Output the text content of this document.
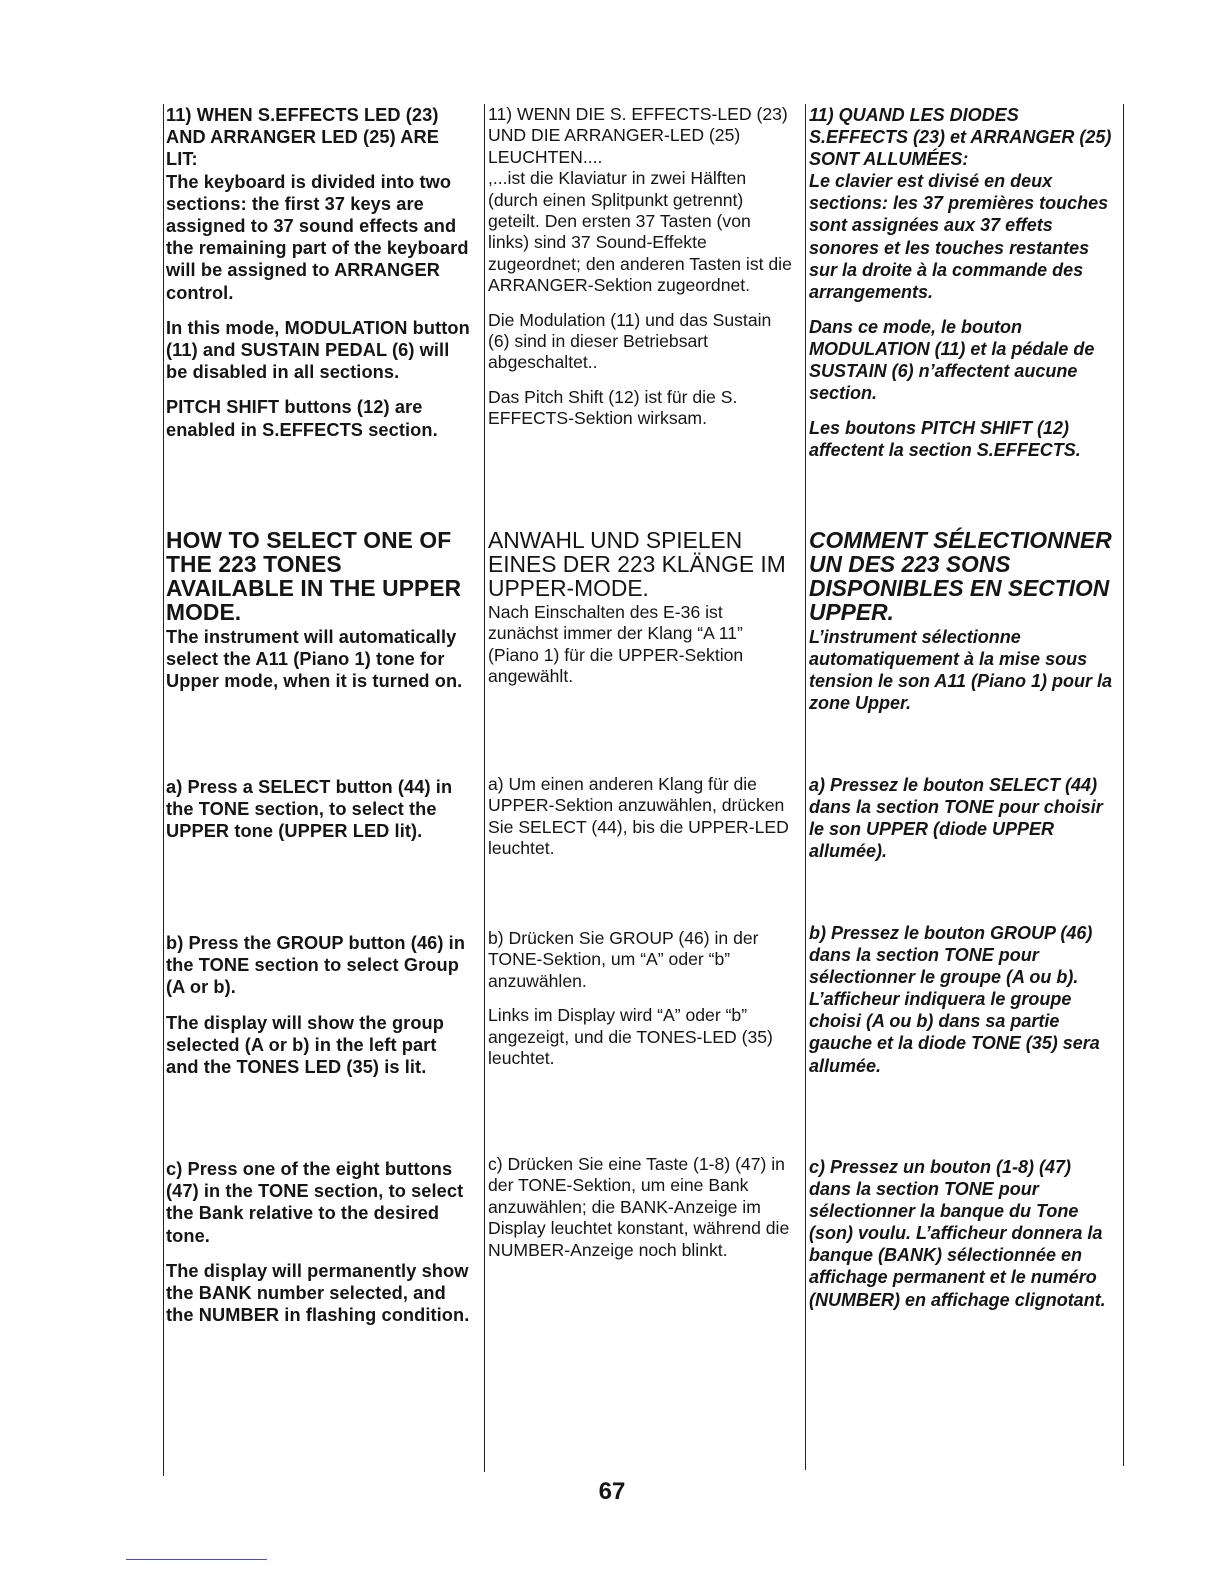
11) WHEN S.EFFECTS LED (23) AND ARRANGER LED (25) ARE LIT:

The keyboard is divided into two sections: the first 37 keys are assigned to 37 sound effects and the remaining part of the keyboard will be assigned to ARRANGER control.

In this mode, MODULATION button (11) and SUSTAIN PEDAL (6) will be disabled in all sections.

PITCH SHIFT buttons (12) are enabled in S.EFFECTS section.

HOW TO SELECT ONE OF THE 223 TONES AVAILABLE IN THE UPPER MODE.

The instrument will automatically select the A11 (Piano 1) tone for Upper mode, when it is turned on.

a) Press a SELECT button (44) in the TONE section, to select the UPPER tone (UPPER LED lit).

b) Press the GROUP button (46) in the TONE section to select Group (A or b).

The display will show the group selected (A or b) in the left part and the TONES LED (35) is lit.

c) Press one of the eight buttons (47) in the TONE section, to select the Bank relative to the desired tone.

The display will permanently show the BANK number selected, and the NUMBER in flashing condition.

11) WENN DIE S. EFFECTS-LED (23) UND DIE ARRANGER-LED (25) LEUCHTEN....

,...ist die Klaviatur in zwei Hälften (durch einen Splitpunkt getrennt) geteilt. Den ersten 37 Tasten (von links) sind 37 Sound-Effekte zugeordnet; den anderen Tasten ist die ARRANGER-Sektion zugeordnet.

Die Modulation (11) und das Sustain (6) sind in dieser Betriebsart abgeschaltet..

Das Pitch Shift (12) ist für die S. EFFECTS-Sektion wirksam.

ANWAHL UND SPIELEN EINES DER 223 KLÄNGE IM UPPER-MODE.

Nach Einschalten des E-36 ist zunächst immer der Klang “A 11” (Piano 1) für die UPPER-Sektion angewählt.

a) Um einen anderen Klang für die UPPER-Sektion anzuwählen, drücken Sie SELECT (44), bis die UPPER-LED leuchtet.

b) Drücken Sie GROUP (46) in der TONE-Sektion, um “A” oder “b” anzuwählen.

Links im Display wird “A” oder “b” angezeigt, und die TONES-LED (35) leuchtet.

c) Drücken Sie eine Taste (1-8) (47) in der TONE-Sektion, um eine Bank anzuwählen; die BANK-Anzeige im Display leuchtet konstant, während die NUMBER-Anzeige noch blinkt.

11) QUAND LES DIODES S.EFFECTS (23) et ARRANGER (25) SONT ALLUMÉES:

Le clavier est divisé en deux sections: les 37 premières touches sont assignées aux 37 effets sonores et les touches restantes sur la droite à la commande des arrangements.

Dans ce mode, le bouton MODULATION (11) et la pédale de SUSTAIN (6) n’affectent aucune section.

Les boutons PITCH SHIFT (12) affectent la section S.EFFECTS.

COMMENT SÉLECTIONNER UN DES 223 SONS DISPONIBLES EN SECTION UPPER.

L’instrument sélectionne automatiquement à la mise sous tension le son A11 (Piano 1) pour la zone Upper.

a) Pressez le bouton SELECT (44) dans la section TONE pour choisir le son UPPER (diode UPPER allumée).

b) Pressez le bouton GROUP (46) dans la section TONE pour sélectionner le groupe (A ou b). L’afficheur indiquera le groupe choisi (A ou b) dans sa partie gauche et la diode TONE (35) sera allumée.

c) Pressez un bouton (1-8) (47) dans la section TONE pour sélectionner la banque du Tone (son) voulu. L’afficheur donnera la banque (BANK) sélectionnée en affichage permanent et le numéro (NUMBER) en affichage clignotant.

67
